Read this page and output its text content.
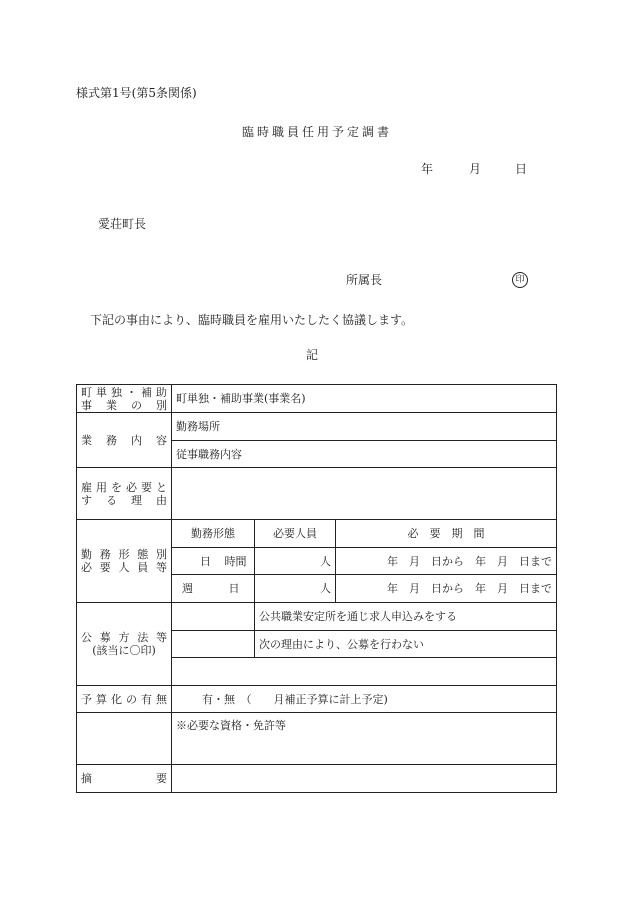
様式第1号(第5条関係)
臨時職員任用予定調書
年	月	日
愛荘町長
所属長	印
下記の事由により、臨時職員を雇用いたしたく協議します。
記
町単独・補助
事業の別	町単独・補助事業(事業名)		

業務内容	勤務場所		
	従事職務内容		

雇用を必要と
する理由			

勤務形態別
必要人員等	勤務形態	必要人員	必　要　期　間
	日 時間	人	年　月　日から　年　月　日まで
	週 日	人	年　月　日から　年　月　日まで

公募方法等
(該当に〇印)		公共職業安定所を通じ求人申込みをする	
		次の理由により、公募を行わない	

予算化の有無	有・無　（　　月補正予算に計上予定)		
	※必要な資格・免許等		

摘要			
